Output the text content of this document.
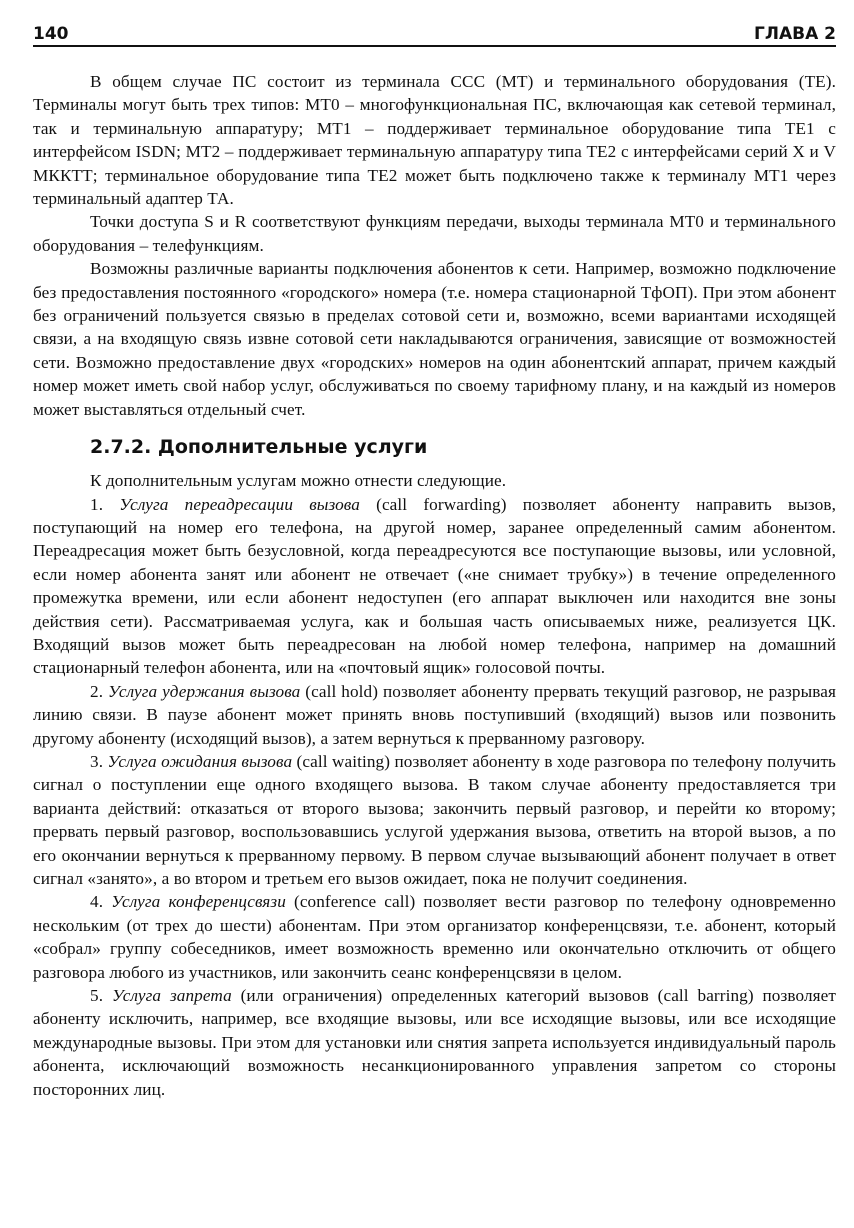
140	ГЛАВА 2

В общем случае ПС состоит из терминала ССС (МТ) и терминального оборудования (ТЕ). Терминалы могут быть трех типов: МТ0 – многофункциональная ПС, включающая как сетевой терминал, так и терминальную аппаратуру; МТ1 – поддерживает терминальное оборудование типа ТЕ1 с интерфейсом ISDN; МТ2 – поддерживает терминальную аппаратуру типа ТЕ2 с интерфейсами серий X и V МККТТ; терминальное оборудование типа ТЕ2 может быть подключено также к терминалу МТ1 через терминальный адаптер ТА.

Точки доступа S и R соответствуют функциям передачи, выходы терминала МТ0 и терминального оборудования – телефункциям.

Возможны различные варианты подключения абонентов к сети. Например, возможно подключение без предоставления постоянного «городского» номера (т.е. номера стационарной ТфОП). При этом абонент без ограничений пользуется связью в пределах сотовой сети и, возможно, всеми вариантами исходящей связи, а на входящую связь извне сотовой сети накладываются ограничения, зависящие от возможностей сети. Возможно предоставление двух «городских» номеров на один абонентский аппарат, причем каждый номер может иметь свой набор услуг, обслуживаться по своему тарифному плану, и на каждый из номеров может выставляться отдельный счет.

2.7.2. Дополнительные услуги

К дополнительным услугам можно отнести следующие.

1. Услуга переадресации вызова (call forwarding) позволяет абоненту направить вызов, поступающий на номер его телефона, на другой номер, заранее определенный самим абонентом. Переадресация может быть безусловной, когда переадресуются все поступающие вызовы, или условной, если номер абонента занят или абонент не отвечает («не снимает трубку») в течение определенного промежутка времени, или если абонент недоступен (его аппарат выключен или находится вне зоны действия сети). Рассматриваемая услуга, как и большая часть описываемых ниже, реализуется ЦК. Входящий вызов может быть переадресован на любой номер телефона, например на домашний стационарный телефон абонента, или на «почтовый ящик» голосовой почты.

2. Услуга удержания вызова (call hold) позволяет абоненту прервать текущий разговор, не разрывая линию связи. В паузе абонент может принять вновь поступивший (входящий) вызов или позвонить другому абоненту (исходящий вызов), а затем вернуться к прерванному разговору.

3. Услуга ожидания вызова (call waiting) позволяет абоненту в ходе разговора по телефону получить сигнал о поступлении еще одного входящего вызова. В таком случае абоненту предоставляется три варианта действий: отказаться от второго вызова; закончить первый разговор, и перейти ко второму; прервать первый разговор, воспользовавшись услугой удержания вызова, ответить на второй вызов, а по его окончании вернуться к прерванному первому. В первом случае вызывающий абонент получает в ответ сигнал «занято», а во втором и третьем его вызов ожидает, пока не получит соединения.

4. Услуга конференцсвязи (conference call) позволяет вести разговор по телефону одновременно нескольким (от трех до шести) абонентам. При этом организатор конференцсвязи, т.е. абонент, который «собрал» группу собеседников, имеет возможность временно или окончательно отключить от общего разговора любого из участников, или закончить сеанс конференцсвязи в целом.

5. Услуга запрета (или ограничения) определенных категорий вызовов (call barring) позволяет абоненту исключить, например, все входящие вызовы, или все исходящие вызовы, или все исходящие международные вызовы. При этом для установки или снятия запрета используется индивидуальный пароль абонента, исключающий возможность несанкционированного управления запретом со стороны посторонних лиц.
